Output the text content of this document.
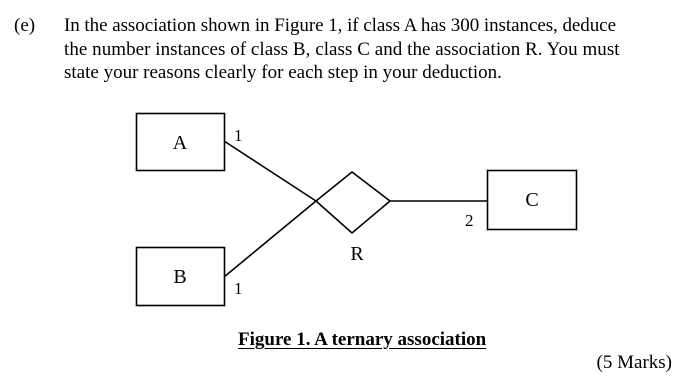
(e) In the association shown in Figure 1, if class A has 300 instances, deduce
the number instances of class B, class C and the association R. You must
state your reasons clearly for each step in your deduction.
A
B
C
1
1
2
R
Figure 1. A ternary association
(5 Marks)
